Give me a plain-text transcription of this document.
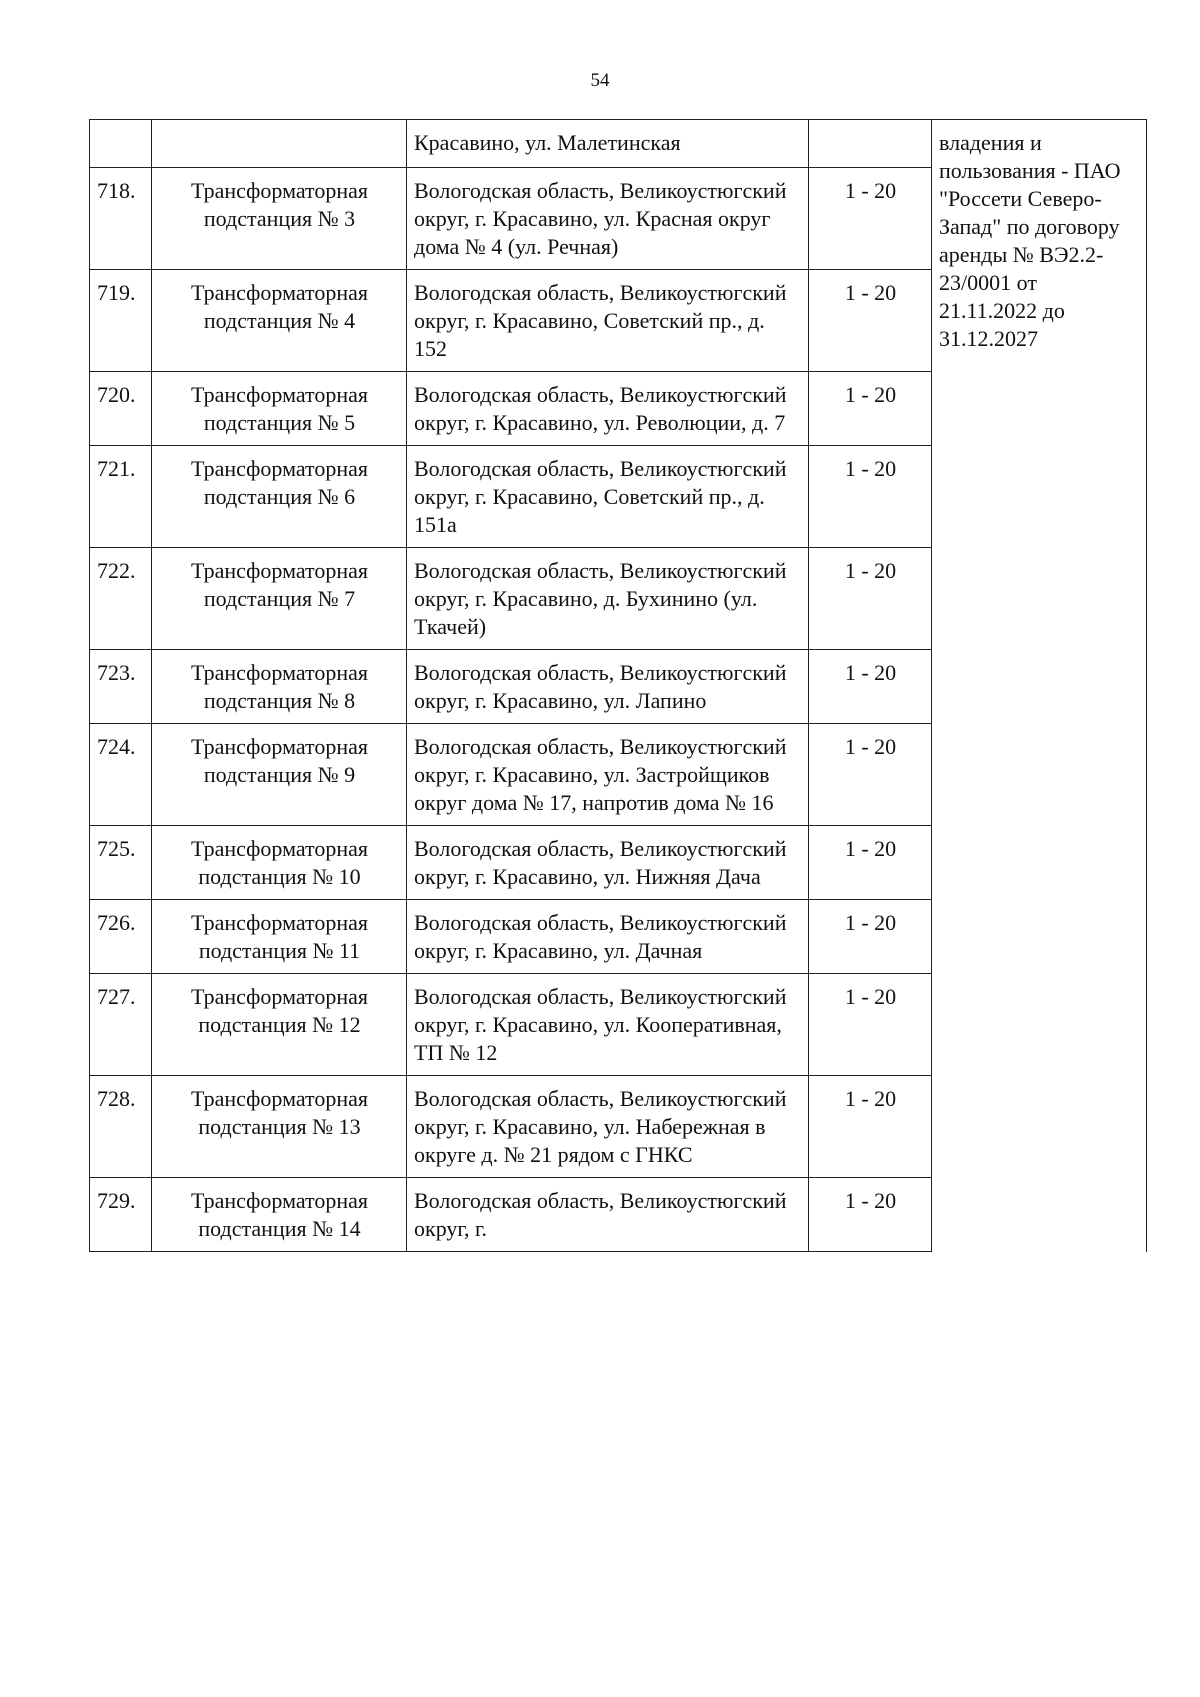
54
		Красавино, ул. Малетинская		владения и пользования - ПАО "Россети Северо-Запад" по договору аренды № ВЭ2.2-23/0001 от 21.11.2022 до 31.12.2027
718.	Трансформаторная подстанция № 3	Вологодская область, Великоустюгский округ, г. Красавино, ул. Красная округ дома № 4 (ул. Речная)	1 - 20	
719.	Трансформаторная подстанция № 4	Вологодская область, Великоустюгский округ, г. Красавино, Советский пр., д. 152	1 - 20	
720.	Трансформаторная подстанция № 5	Вологодская область, Великоустюгский округ, г. Красавино, ул. Революции, д. 7	1 - 20	
721.	Трансформаторная подстанция № 6	Вологодская область, Великоустюгский округ, г. Красавино, Советский пр., д. 151а	1 - 20	
722.	Трансформаторная подстанция № 7	Вологодская область, Великоустюгский округ, г. Красавино, д. Бухинино (ул. Ткачей)	1 - 20	
723.	Трансформаторная подстанция № 8	Вологодская область, Великоустюгский округ, г. Красавино, ул. Лапино	1 - 20	
724.	Трансформаторная подстанция № 9	Вологодская область, Великоустюгский округ, г. Красавино, ул. Застройщиков округ дома № 17, напротив дома № 16	1 - 20	
725.	Трансформаторная подстанция № 10	Вологодская область, Великоустюгский округ, г. Красавино, ул. Нижняя Дача	1 - 20	
726.	Трансформаторная подстанция № 11	Вологодская область, Великоустюгский округ, г. Красавино, ул. Дачная	1 - 20	
727.	Трансформаторная подстанция № 12	Вологодская область, Великоустюгский округ, г. Красавино, ул. Кооперативная, ТП № 12	1 - 20	
728.	Трансформаторная подстанция № 13	Вологодская область, Великоустюгский округ, г. Красавино, ул. Набережная в округе д. № 21 рядом с ГНКС	1 - 20	
729.	Трансформаторная подстанция № 14	Вологодская область, Великоустюгский округ, г.	1 - 20	
